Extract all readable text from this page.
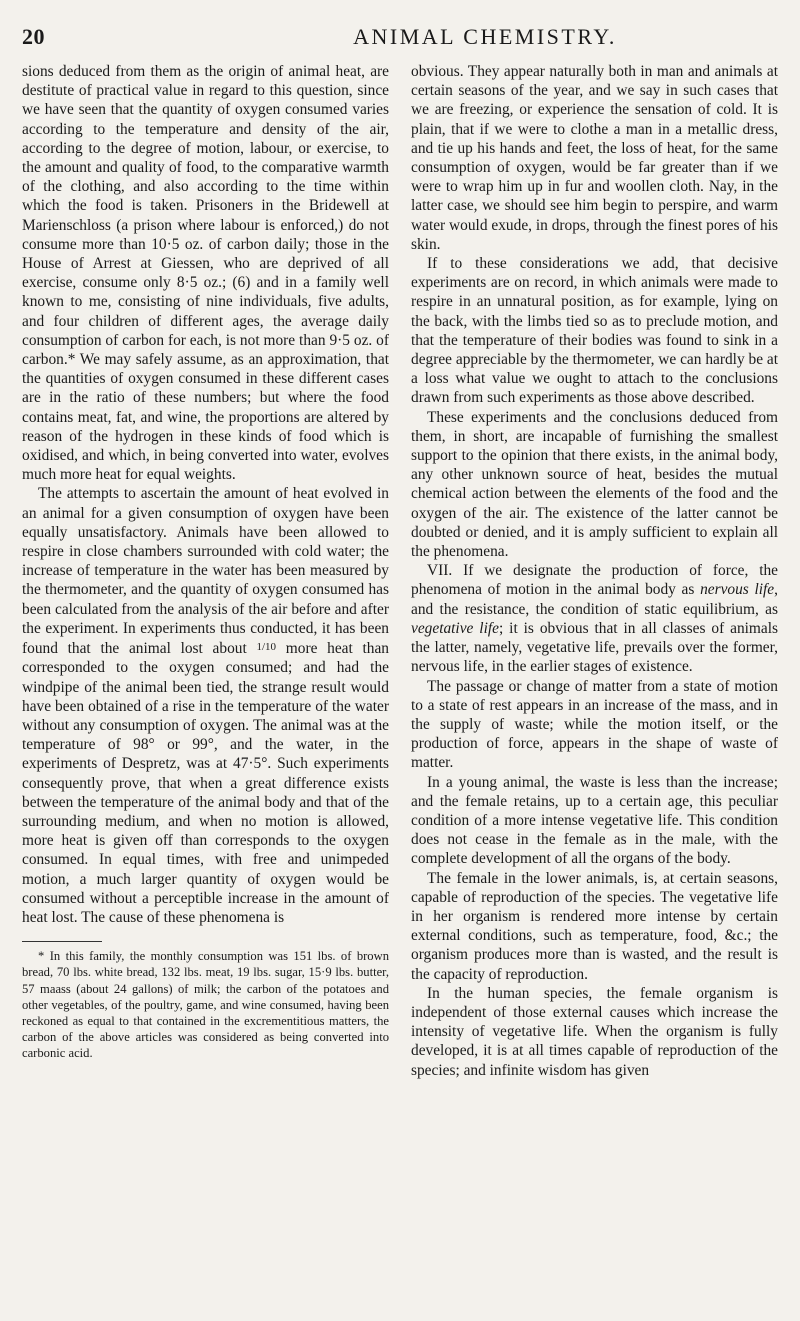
20	ANIMAL CHEMISTRY.

sions deduced from them as the origin of animal heat, are destitute of practical value in regard to this question, since we have seen that the quantity of oxygen consumed varies according to the temperature and density of the air, according to the degree of motion, labour, or exercise, to the amount and quality of food, to the comparative warmth of the clothing, and also according to the time within which the food is taken. Prisoners in the Bridewell at Marienschloss (a prison where labour is enforced,) do not consume more than 10·5 oz. of carbon daily; those in the House of Arrest at Giessen, who are deprived of all exercise, consume only 8·5 oz.; (6) and in a family well known to me, consisting of nine individuals, five adults, and four children of different ages, the average daily consumption of carbon for each, is not more than 9·5 oz. of carbon.* We may safely assume, as an approximation, that the quantities of oxygen consumed in these different cases are in the ratio of these numbers; but where the food contains meat, fat, and wine, the proportions are altered by reason of the hydrogen in these kinds of food which is oxidised, and which, in being converted into water, evolves much more heat for equal weights.

The attempts to ascertain the amount of heat evolved in an animal for a given consumption of oxygen have been equally unsatisfactory. Animals have been allowed to respire in close chambers surrounded with cold water; the increase of temperature in the water has been measured by the thermometer, and the quantity of oxygen consumed has been calculated from the analysis of the air before and after the experiment. In experiments thus conducted, it has been found that the animal lost about 1/10 more heat than corresponded to the oxygen consumed; and had the windpipe of the animal been tied, the strange result would have been obtained of a rise in the temperature of the water without any consumption of oxygen. The animal was at the temperature of 98° or 99°, and the water, in the experiments of Despretz, was at 47·5°. Such experiments consequently prove, that when a great difference exists between the temperature of the animal body and that of the surrounding medium, and when no motion is allowed, more heat is given off than corresponds to the oxygen consumed. In equal times, with free and unimpeded motion, a much larger quantity of oxygen would be consumed without a perceptible increase in the amount of heat lost. The cause of these phenomena is

* In this family, the monthly consumption was 151 lbs. of brown bread, 70 lbs. white bread, 132 lbs. meat, 19 lbs. sugar, 15·9 lbs. butter, 57 maass (about 24 gallons) of milk; the carbon of the potatoes and other vegetables, of the poultry, game, and wine consumed, having been reckoned as equal to that contained in the excrementitious matters, the carbon of the above articles was considered as being converted into carbonic acid.

obvious. They appear naturally both in man and animals at certain seasons of the year, and we say in such cases that we are freezing, or experience the sensation of cold. It is plain, that if we were to clothe a man in a metallic dress, and tie up his hands and feet, the loss of heat, for the same consumption of oxygen, would be far greater than if we were to wrap him up in fur and woollen cloth. Nay, in the latter case, we should see him begin to perspire, and warm water would exude, in drops, through the finest pores of his skin.

If to these considerations we add, that decisive experiments are on record, in which animals were made to respire in an unnatural position, as for example, lying on the back, with the limbs tied so as to preclude motion, and that the temperature of their bodies was found to sink in a degree appreciable by the thermometer, we can hardly be at a loss what value we ought to attach to the conclusions drawn from such experiments as those above described.

These experiments and the conclusions deduced from them, in short, are incapable of furnishing the smallest support to the opinion that there exists, in the animal body, any other unknown source of heat, besides the mutual chemical action between the elements of the food and the oxygen of the air. The existence of the latter cannot be doubted or denied, and it is amply sufficient to explain all the phenomena.

VII. If we designate the production of force, the phenomena of motion in the animal body as nervous life, and the resistance, the condition of static equilibrium, as vegetative life; it is obvious that in all classes of animals the latter, namely, vegetative life, prevails over the former, nervous life, in the earlier stages of existence.

The passage or change of matter from a state of motion to a state of rest appears in an increase of the mass, and in the supply of waste; while the motion itself, or the production of force, appears in the shape of waste of matter.

In a young animal, the waste is less than the increase; and the female retains, up to a certain age, this peculiar condition of a more intense vegetative life. This condition does not cease in the female as in the male, with the complete development of all the organs of the body.

The female in the lower animals, is, at certain seasons, capable of reproduction of the species. The vegetative life in her organism is rendered more intense by certain external conditions, such as temperature, food, &c.; the organism produces more than is wasted, and the result is the capacity of reproduction.

In the human species, the female organism is independent of those external causes which increase the intensity of vegetative life. When the organism is fully developed, it is at all times capable of reproduction of the species; and infinite wisdom has given
